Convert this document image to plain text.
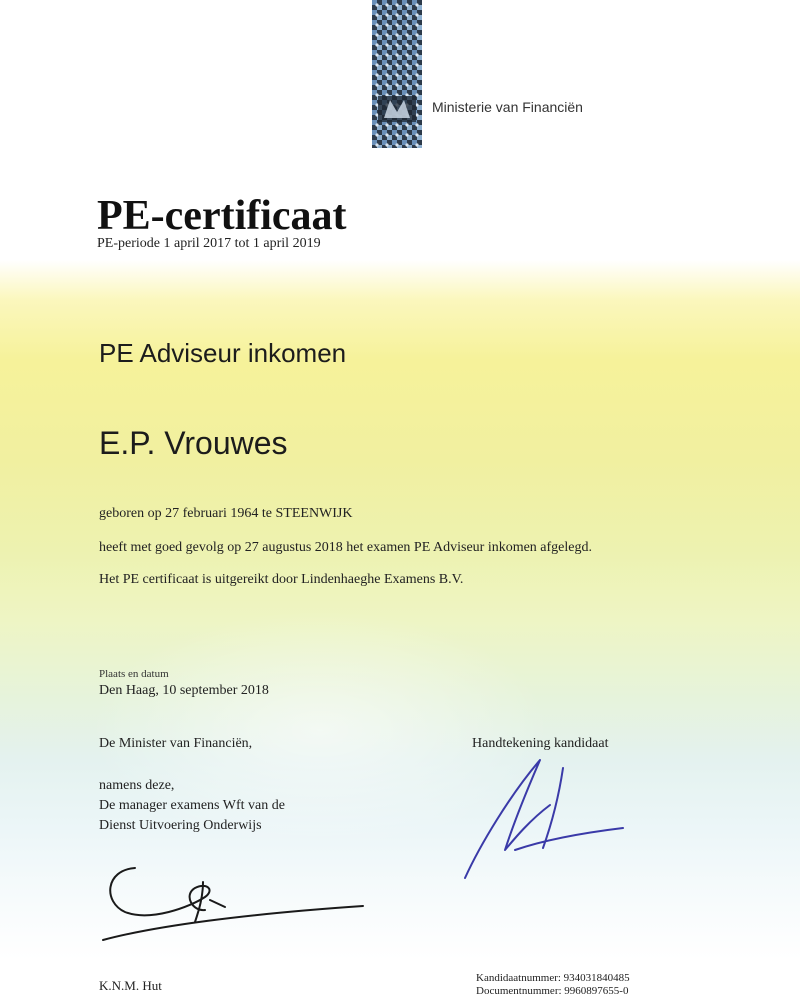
Ministerie van Financiën
PE-certificaat
PE-periode 1 april 2017 tot 1 april 2019
PE Adviseur inkomen
E.P. Vrouwes
geboren op 27 februari 1964 te STEENWIJK
heeft met goed gevolg op 27 augustus 2018 het examen PE Adviseur inkomen afgelegd.
Het PE certificaat is uitgereikt door Lindenhaeghe Examens B.V.
Plaats en datum
Den Haag, 10 september 2018
De Minister van Financiën,	Handtekening kandidaat
namens deze,
De manager examens Wft van de
Dienst Uitvoering Onderwijs
K.N.M. Hut	Kandidaatnummer: 934031840485
Documentnummer: 9960897655-0
